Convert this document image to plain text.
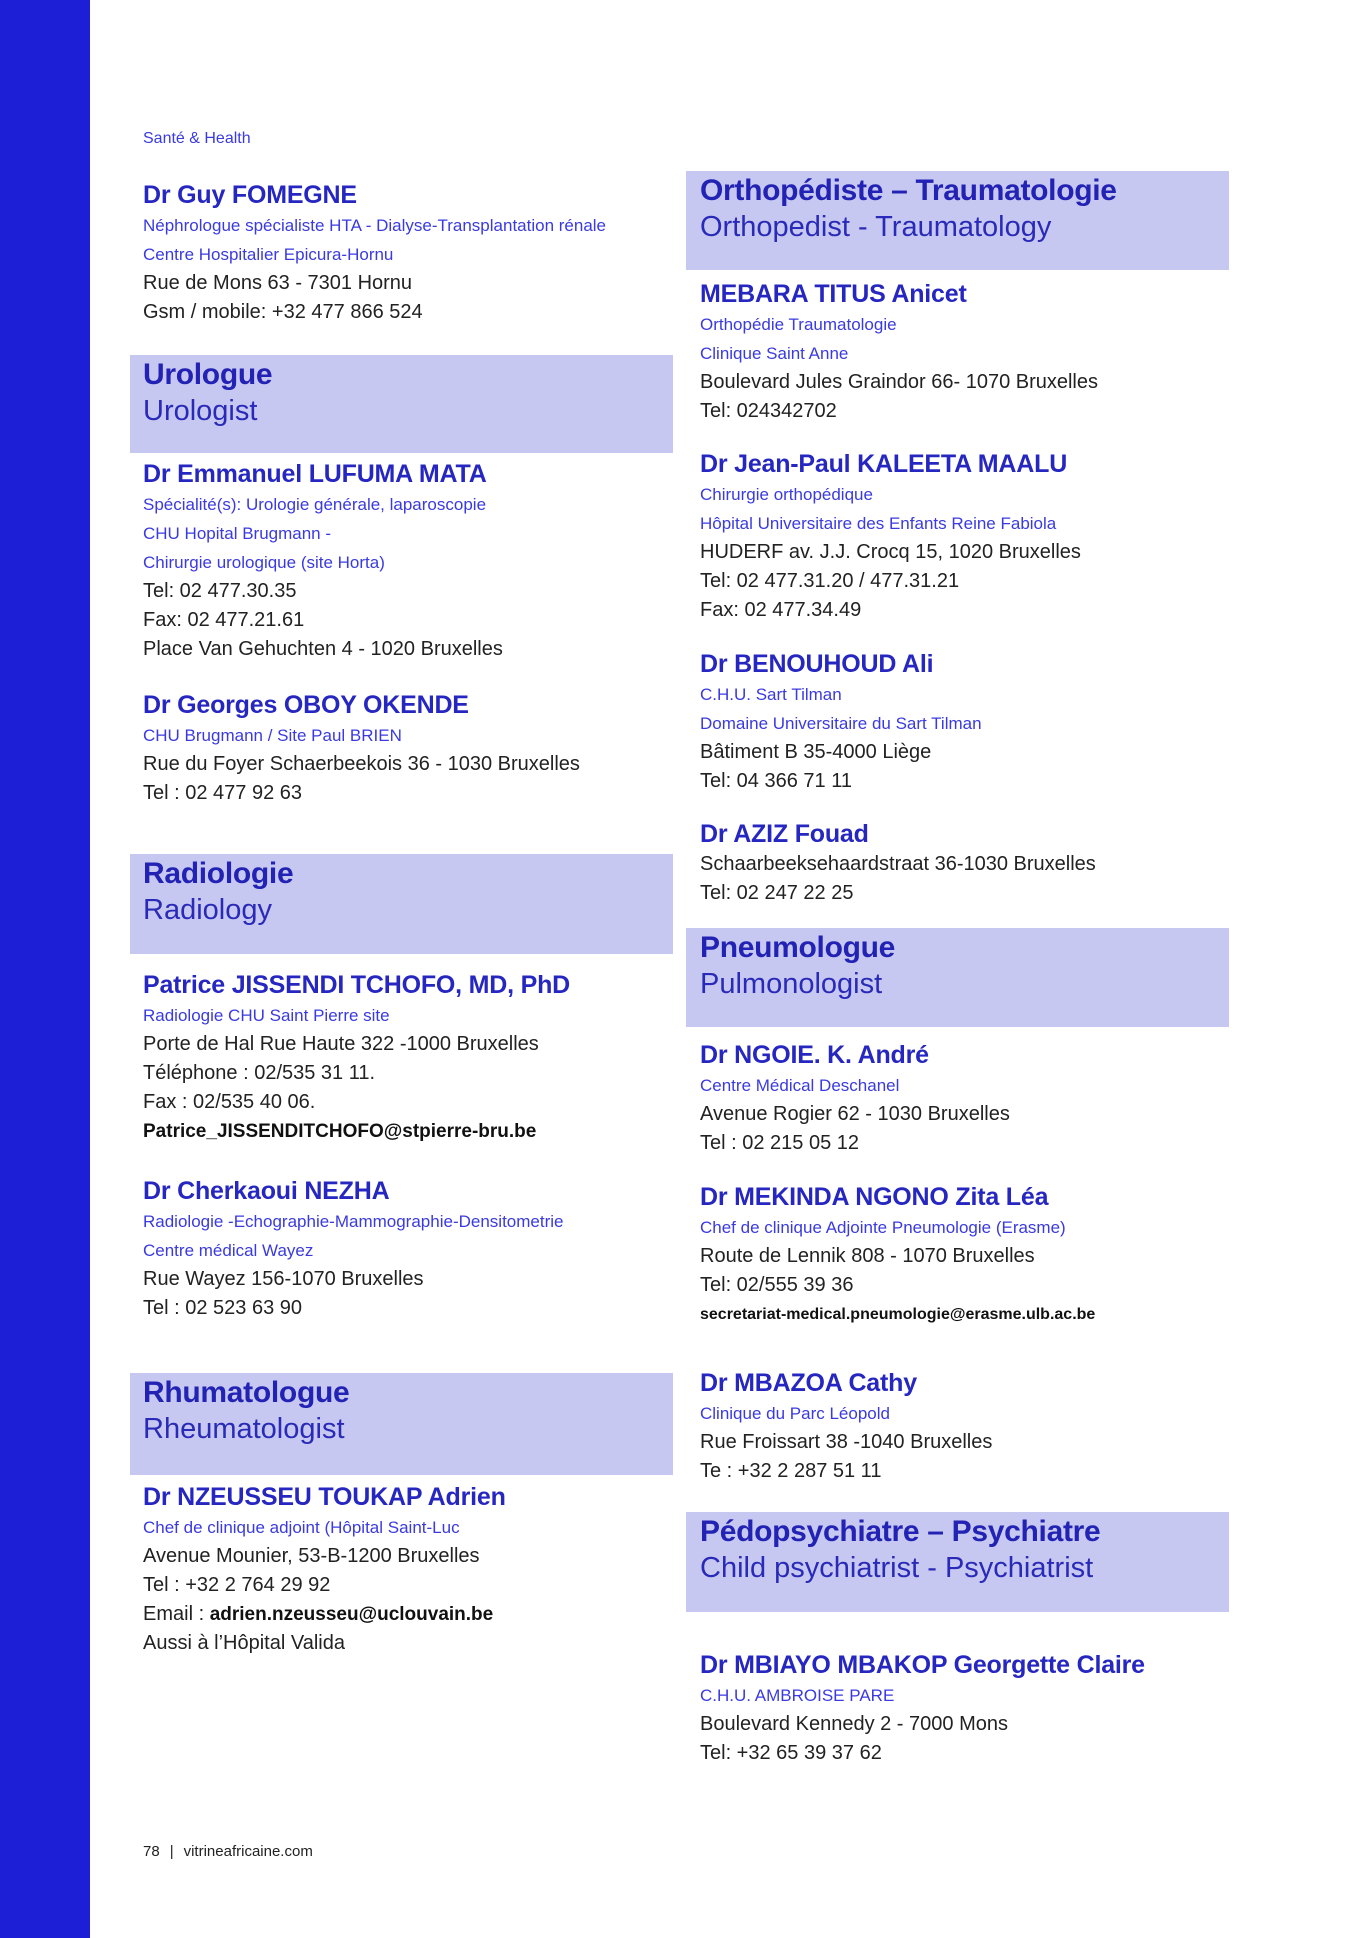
Santé & Health
Dr Guy FOMEGNE
Néphrologue spécialiste HTA - Dialyse-Transplantation rénale
Centre Hospitalier Epicura-Hornu
Rue de Mons 63 - 7301 Hornu
Gsm / mobile: +32 477 866 524
Urologue
Urologist
Dr Emmanuel LUFUMA MATA
Spécialité(s): Urologie générale, laparoscopie
CHU Hopital Brugmann -
Chirurgie urologique (site Horta)
Tel: 02 477.30.35
Fax: 02 477.21.61
Place Van Gehuchten 4 - 1020 Bruxelles
Dr Georges OBOY OKENDE
CHU Brugmann / Site Paul BRIEN
Rue du Foyer Schaerbeekois 36 - 1030 Bruxelles
Tel : 02 477 92 63
Radiologie
Radiology
Patrice JISSENDI TCHOFO, MD, PhD
Radiologie CHU Saint Pierre site
Porte de Hal Rue Haute 322 -1000 Bruxelles
Téléphone : 02/535 31 11.
Fax : 02/535 40 06.
Patrice_JISSENDITCHOFO@stpierre-bru.be
Dr Cherkaoui NEZHA
Radiologie -Echographie-Mammographie-Densitometrie
Centre médical Wayez
Rue Wayez 156-1070 Bruxelles
Tel : 02 523 63 90
Rhumatologue
Rheumatologist
Dr NZEUSSEU TOUKAP Adrien
Chef de clinique adjoint (Hôpital Saint-Luc
Avenue Mounier, 53-B-1200 Bruxelles
Tel : +32 2 764 29 92
Email : adrien.nzeusseu@uclouvain.be
Aussi à l’Hôpital Valida
Orthopédiste – Traumatologie
Orthopedist - Traumatology
MEBARA TITUS Anicet
Orthopédie Traumatologie
Clinique Saint Anne
Boulevard Jules Graindor 66- 1070 Bruxelles
Tel: 024342702
Dr Jean-Paul KALEETA MAALU
Chirurgie orthopédique
Hôpital Universitaire des Enfants Reine Fabiola
HUDERF av. J.J. Crocq 15, 1020 Bruxelles
Tel: 02 477.31.20 / 477.31.21
Fax: 02 477.34.49
Dr BENOUHOUD Ali
C.H.U. Sart Tilman
Domaine Universitaire du Sart Tilman
Bâtiment B 35-4000 Liège
Tel: 04 366 71 11
Dr AZIZ Fouad
Schaarbeeksehaardstraat 36-1030 Bruxelles
Tel: 02 247 22 25
Pneumologue
Pulmonologist
Dr NGOIE. K. André
Centre Médical Deschanel
Avenue Rogier 62 - 1030 Bruxelles
Tel : 02 215 05 12
Dr MEKINDA NGONO Zita Léa
Chef de clinique Adjointe Pneumologie (Erasme)
Route de Lennik 808 - 1070 Bruxelles
Tel: 02/555 39 36
secretariat-medical.pneumologie@erasme.ulb.ac.be
Dr MBAZOA Cathy
Clinique du Parc Léopold
Rue Froissart 38 -1040 Bruxelles
Te : +32 2 287 51 11
Pédopsychiatre – Psychiatre
Child psychiatrist - Psychiatrist
Dr MBIAYO MBAKOP Georgette Claire
C.H.U. AMBROISE PARE
Boulevard Kennedy 2 - 7000 Mons
Tel: +32 65 39 37 62
78 | vitrineafricaine.com
